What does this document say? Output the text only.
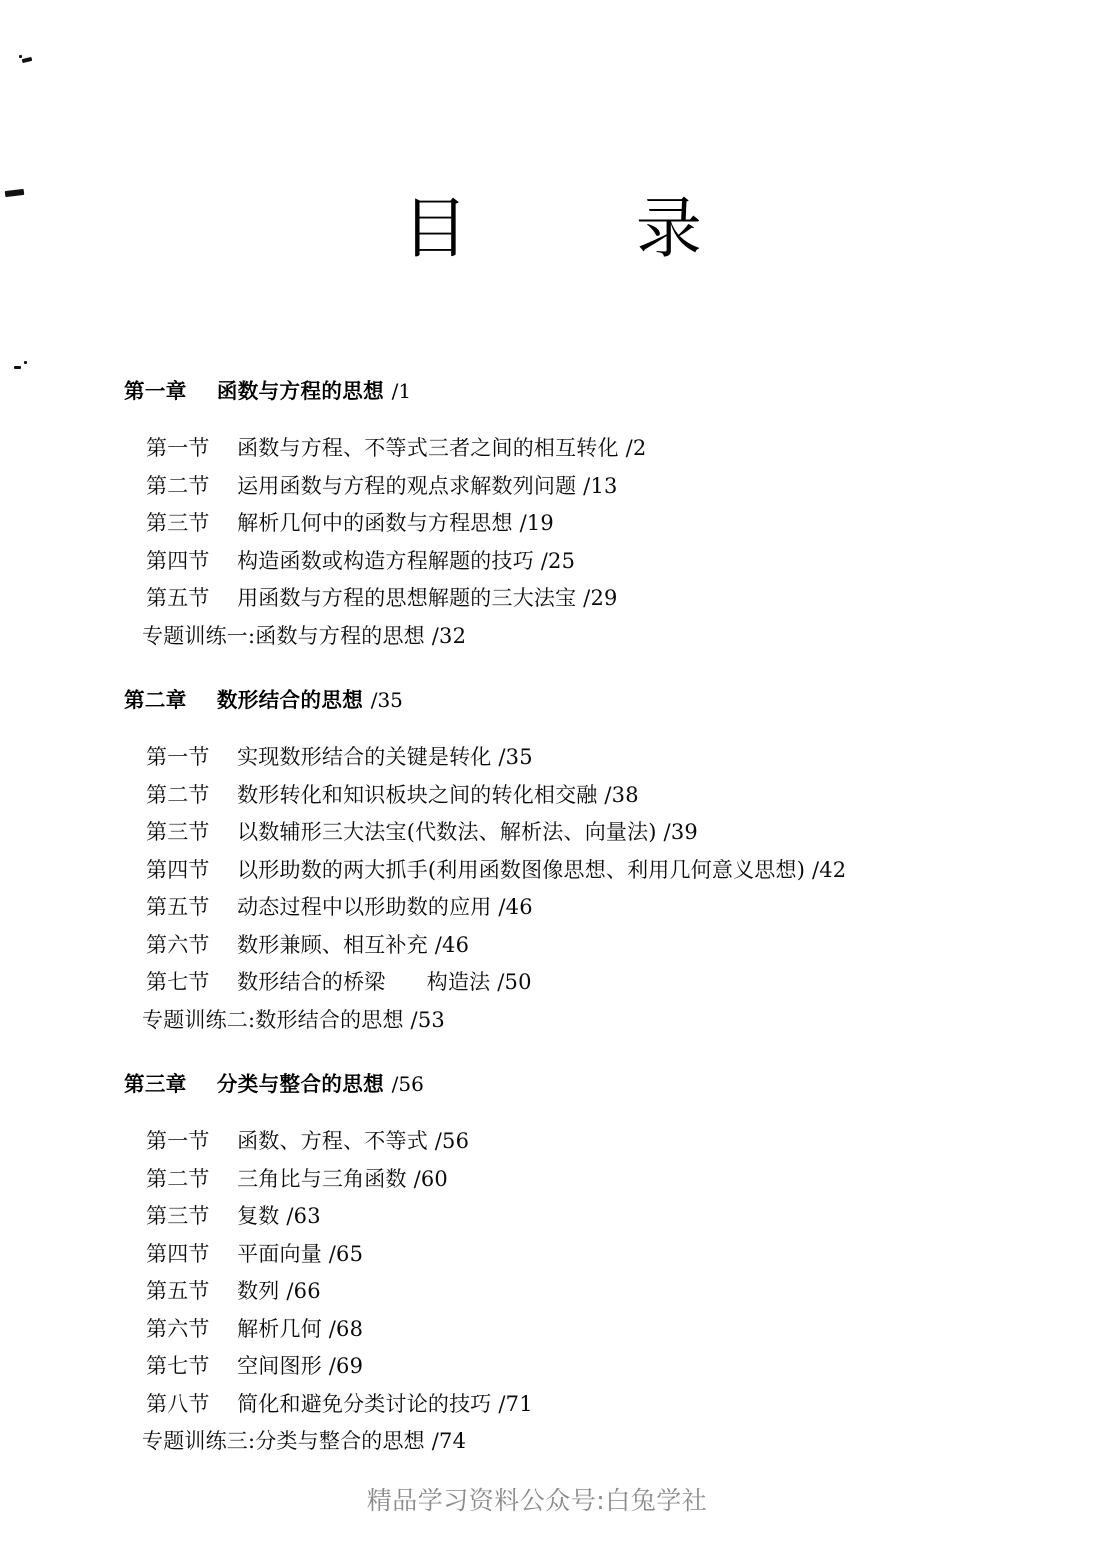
目        录
第一章    函数与方程的思想 /1
第一节    函数与方程、不等式三者之间的相互转化 /2
第二节    运用函数与方程的观点求解数列问题 /13
第三节    解析几何中的函数与方程思想 /19
第四节    构造函数或构造方程解题的技巧 /25
第五节    用函数与方程的思想解题的三大法宝 /29
专题训练一:函数与方程的思想 /32
第二章    数形结合的思想 /35
第一节    实现数形结合的关键是转化 /35
第二节    数形转化和知识板块之间的转化相交融 /38
第三节    以数辅形三大法宝(代数法、解析法、向量法) /39
第四节    以形助数的两大抓手(利用函数图像思想、利用几何意义思想) /42
第五节    动态过程中以形助数的应用 /46
第六节    数形兼顾、相互补充 /46
第七节    数形结合的桥梁      构造法 /50
专题训练二:数形结合的思想 /53
第三章    分类与整合的思想 /56
第一节    函数、方程、不等式 /56
第二节    三角比与三角函数 /60
第三节    复数 /63
第四节    平面向量 /65
第五节    数列 /66
第六节    解析几何 /68
第七节    空间图形 /69
第八节    简化和避免分类讨论的技巧 /71
专题训练三:分类与整合的思想 /74
精品学习资料公众号:白兔学社
